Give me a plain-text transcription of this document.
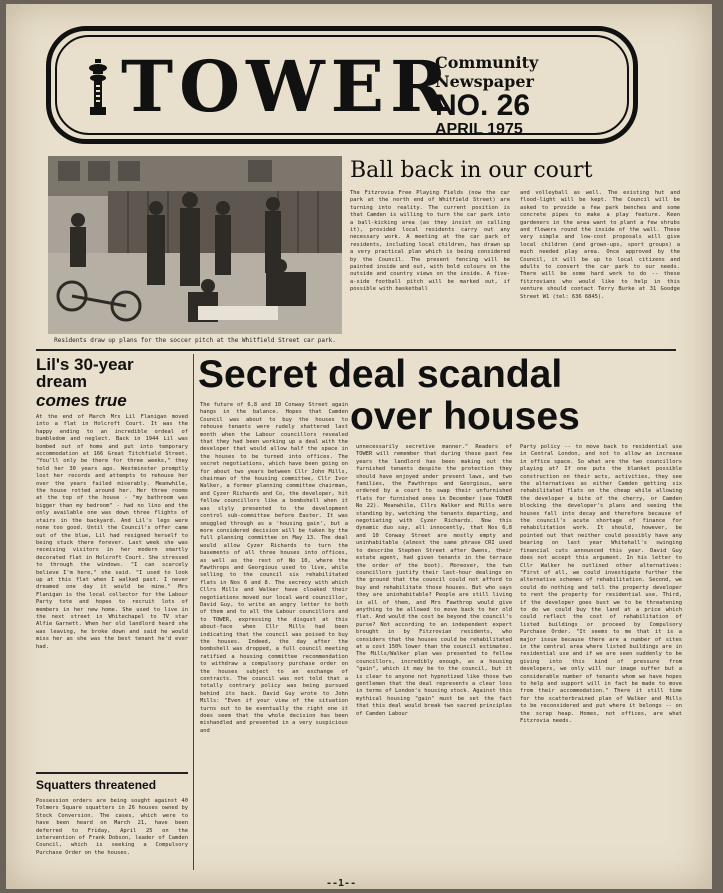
TOWER
Community Newspaper
NO. 26
APRIL 1975
Residents draw up plans for the soccer pitch at the Whitfield Street car park.
Ball back in our court
The Fitzrovia Free Playing Fields (now the car park at the north end of Whitfield Street) are turning into reality. The current position is that Camden is willing to turn the car park into a ball-kicking area (as they insist on calling it), provided local residents carry out any necessary work. A meeting at the car park of residents, including local children, has drawn up a very practical plan which is being considered by the Council. The present fencing will be painted inside and out, with bold colours on the outside and country views on the inside. A five-a-side football pitch will be marked out, if possible with basketball
and volleyball as well. The existing hut and flood-light will be kept. The Council will be asked to provide a few park benches and some concrete pipes to make a play feature. Keen gardeners in the area want to plant a few shrubs and flowers round the inside of the wall. These very simple and low-cost proposals will give local children (and grown-ups, sport groups) a much needed play area. Once approved by the Council, it will be up to local citizens and adults to convert the car park to our needs. There will be some hard work to do -- these fitzrovians who would like to help in this venture should contact Terry Burke at 31 Goodge Street W1 (tel: 636 6845).
Lil's 30-year dream
comes true
At the end of March Mrs Lil Flanigan moved into a flat in Holcroft Court. It was the happy ending to an incredible ordeal of bumbledom and neglect. Back in 1944 Lil was bombed out of home and put into temporary accommodation at 166 Great Titchfield Street. "You'll only be there for three weeks," they told her 30 years ago. Westminster promptly lost her records and attempts to rehouse her over the years failed miserably. Meanwhile, the house rotted around her. Her three rooms at the top of the house - "my bathroom was bigger than my bedroom" - had no lino and the only available one was down three flights of stairs in the backyard. And Lil's legs were none too good. Until the Council's offer came out of the blue, Lil had resigned herself to being stuck there forever. Last week she was receiving visitors in her modern smartly decorated flat in Holcroft Court. She stressed to through the windows. "I can scarcely believe I'm here," she said. "I used to look up at this flat when I walked past. I never dreamed one day it would be mine." Mrs Flanigan is the local collector for the Labour Party tote and hopes to recruit lots of members in her new home. She used to live in the next street in Whitechapel to TV star Alfie Garnett. When her old landlord heard she was leaving, he broke down and said he would miss her as she was the best tenant he'd ever had.
Squatters threatened
Possession orders are being sought against 40 Tolmers Square squatters in 26 houses owned by Stock Conversion. The cases, which were to have been heard on March 21, have been deferred to Friday, April 25 on the intervention of Frank Dobson, leader of Camden Council, which is seeking a Compulsory Purchase Order on the houses.
Secret deal scandal
over houses
The future of 6,8 and 10 Conway Street again hangs in the balance. Hopes that Camden Council was about to buy the houses to rehouse tenants were rudely shattered last month when the Labour councillors revealed that they had been working up a deal with the developer that would allow half the space in the houses to be turned into offices. The secret negotiations, which have been going on for about two years between Cllr John Mills, chairman of the housing committee, Cllr Ivor Walker, a former planning committee chairman, and Cyzer Richards and Co, the developer, hit fellow councillors like a bombshell when it was slyly presented to the development control sub-committee before Easter. It was smuggled through as a 'housing gain', but a more considered decision will be taken by the full planning committee on May 13. The deal would allow Cyzer Richards to turn the basements of all three houses into offices, as well as the rest of No 10, where the Fawthrops and Georgious used to live, while selling to the council six rehabilitated flats in Nos 6 and 8. The secrecy with which Cllrs Mills and Walker have cloaked their negotiations moved our local ward councillor, David Guy, to write an angry letter to both of them and to all the Labour councillors and to TOWER, expressing the disgust at this about-face when Cllr Mills had been indicating that the council was poised to buy the houses. Indeed, the day after the bombshell was dropped, a full council meeting ratified a housing committee recommendation to withdraw a compulsory purchase order on the houses subject to an exchange of contracts. The council was not told that a totally contrary policy was being pursued behind its back. David Guy wrote to John Mills: "Even if your view of the situation turns out to be eventually the right one it does seem that the whole decision has been mishandled and presented in a very suspicious and
unnecessarily secretive manner." Readers of TOWER will remember that during these past few years the landlord has been making out the furnished tenants despite the protection they should have enjoyed under present laws, and two families, the Fawthrops and Georgious, were ordered by a court to swap their unfurnished flats for furnished ones in December (see TOWER No 22). Meanwhile, Cllrs Walker and Mills were standing by, watching the tenants departing, and negotiating with Cyzer Richards. Now this dynamic duo say, all innocently, that Nos 6,8 and 10 Conway Street are mostly empty and uninhabitable (almost the same phrase CRI used to describe Stephen Street after Owens, their estate agent, had given tenants in the terrace the order of the boot). Moreover, the two councillors justify their last-hour dealings on the ground that the council could not afford to buy and rehabilitate those houses. But who says they are uninhabitable? People are still living in all of them, and Mrs Fawthrop would give anything to be allowed to move back to her old flat. And would the cost be beyond the council's purse? Not according to an independent expert brought in by Fitzrovian residents, who considers that the houses could be rehabilitated at a cost 150% lower than the council estimates. The Mills/Walker plan was presented to fellow councillors, incredibly enough, as a housing "gain", which it may be to the council, but it is clear to anyone not hypnotized like those two gentlemen that the deal represents a clear loss in terms of London's housing stock. Against this mythical housing "gain" must be set the fact that this deal would break two sacred principles of Camden Labour
Party policy -- to move back to residential use in Central London, and not to allow an increase in office space. So what are the two councillors playing at? If one puts the blanket possible construction on their acts, activities, they see the alternatives as either Camden getting six rehabilitated flats on the cheap while allowing the developer a bite of the cherry, or Camden blocking the developer's plans and seeing the houses fall into decay and therefore because of the council's acute shortage of finance for rehabilitation work. It should, however, be pointed out that neither could possibly have any bearing on last year Whitehall's swinging financial cuts announced this year. David Guy does not accept this argument. In his letter to Cllr Walker he outlined other alternatives: "First of all, we could investigate further the alternative schemes of rehabilitation. Second, we could do nothing and tell the property developer to rent the property for residential use. Third, if the developer goes bust we to be threatening to do we could buy the land at a price which could reflect the cost of rehabilitation of listed buildings or proceed by Compulsory Purchase Order. "It seems to me that it is a major issue because there are a number of sites in the central area where listed buildings are in residential use and if we are seen suddenly to be giving into this kind of pressure from developers, we only will our image suffer but a considerable number of tenants whom we have hopes to help and support will in fact be made to move from their accommodation." There it still time for the scatterbrained plan of Walker and Mills to be reconsidered and put where it belongs -- on the scrap heap. Homes, not offices, are what Fitzrovia needs.
--1--
